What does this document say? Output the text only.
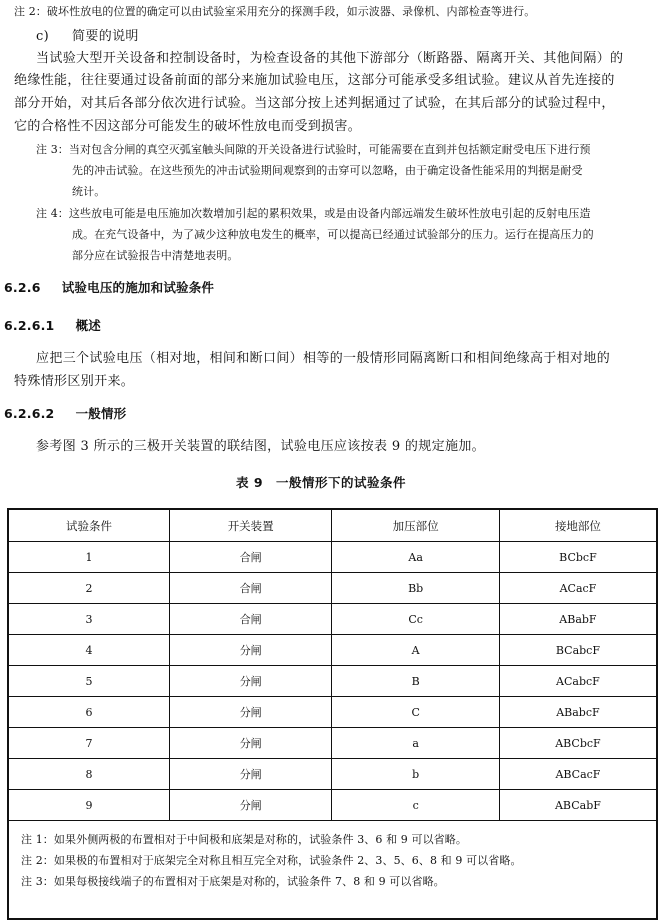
注 2：破坏性放电的位置的确定可以由试验室采用充分的探测手段，如示波器、录像机、内部检查等进行。
c) 简要的说明
当试验大型开关设备和控制设备时，为检查设备的其他下游部分（断路器、隔离开关、其他间隔）的
绝缘性能，往往要通过设备前面的部分来施加试验电压，这部分可能承受多组试验。建议从首先连接的
部分开始，对其后各部分依次进行试验。当这部分按上述判据通过了试验，在其后部分的试验过程中，
它的合格性不因这部分可能发生的破坏性放电而受到损害。
注 3：当对包含分闸的真空灭弧室触头间隙的开关设备进行试验时，可能需要在直到并包括额定耐受电压下进行预
先的冲击试验。在这些预先的冲击试验期间观察到的击穿可以忽略，由于确定设备性能采用的判据是耐受
统计。
注 4：这些放电可能是电压施加次数增加引起的累积效果，或是由设备内部远端发生破坏性放电引起的反射电压造
成。在充气设备中，为了减少这种放电发生的概率，可以提高已经通过试验部分的压力。运行在提高压力的
部分应在试验报告中清楚地表明。
6.2.6 试验电压的施加和试验条件
6.2.6.1 概述
应把三个试验电压（相对地，相间和断口间）相等的一般情形同隔离断口和相间绝缘高于相对地的
特殊情形区别开来。
6.2.6.2 一般情形
参考图 3 所示的三极开关装置的联结图，试验电压应该按表 9 的规定施加。
表 9　一般情形下的试验条件
试验条件	开关装置	加压部位	接地部位
1	合闸	Aa	BCbcF
2	合闸	Bb	ACacF
3	合闸	Cc	ABabF
4	分闸	A	BCabcF
5	分闸	B	ACabcF
6	分闸	C	ABabcF
7	分闸	a	ABCbcF
8	分闸	b	ABCacF
9	分闸	c	ABCabF

注 1：如果外侧两极的布置相对于中间极和底架是对称的，试验条件 3、6 和 9 可以省略。
注 2：如果极的布置相对于底架完全对称且相互完全对称，试验条件 2、3、5、6、8 和 9 可以省略。
注 3：如果每极接线端子的布置相对于底架是对称的，试验条件 7、8 和 9 可以省略。			
